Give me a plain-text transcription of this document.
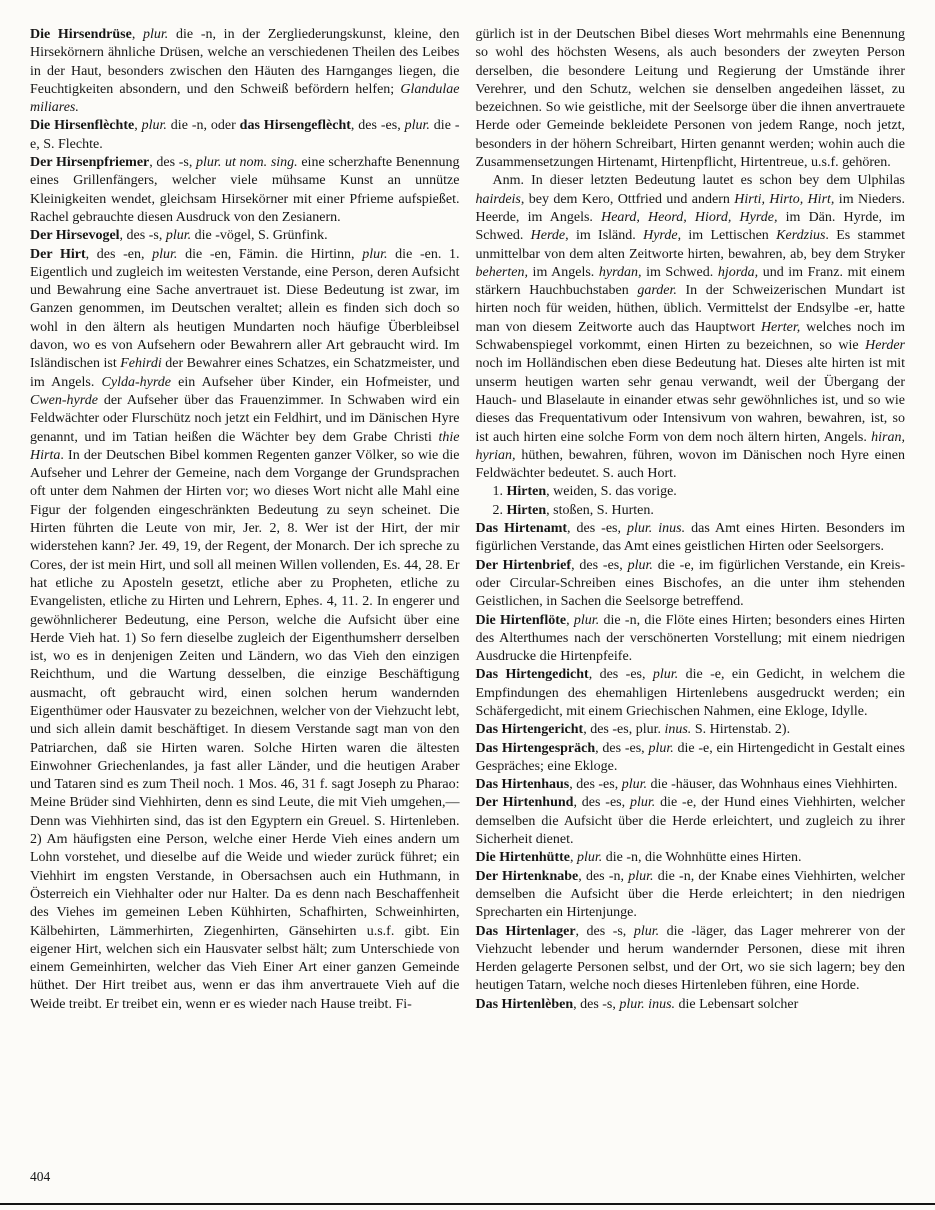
Die Hirsendrüse, plur. die -n, in der Zergliederungskunst, kleine, den Hirsekörnern ähnliche Drüsen, welche an verschiedenen Theilen des Leibes in der Haut, besonders zwischen den Häuten des Harnganges liegen, die Feuchtigkeiten absondern, und den Schweiß befördern helfen; Glandulae miliares.

Die Hirsenflèchte, plur. die -n, oder das Hirsengeflècht, des -es, plur. die -e, S. Flechte.

Der Hirsenpfriemer, des -s, plur. ut nom. sing. eine scherzhafte Benennung eines Grillenfängers, welcher viele mühsame Kunst an unnütze Kleinigkeiten wendet, gleichsam Hirsekörner mit einer Pfrieme aufspießet. Rachel gebrauchte diesen Ausdruck von den Zesianern.

Der Hirsevogel, des -s, plur. die -vögel, S. Grünfink.

Der Hirt, des -en, plur. die -en, Fämin. die Hirtinn, plur. die -en. 1. Eigentlich und zugleich im weitesten Verstande, eine Person, deren Aufsicht und Bewahrung eine Sache anvertrauet ist. Diese Bedeutung ist zwar, im Ganzen genommen, im Deutschen veraltet; allein es finden sich doch so wohl in den ältern als heutigen Mundarten noch häufige Überbleibsel davon, wo es von Aufsehern oder Bewahrern aller Art gebraucht wird. Im Isländischen ist Fehirdi der Bewahrer eines Schatzes, ein Schatzmeister, und im Angels. Cylda-hyrde ein Aufseher über Kinder, ein Hofmeister, und Cwen-hyrde der Aufseher über das Frauenzimmer. In Schwaben wird ein Feldwächter oder Flurschütz noch jetzt ein Feldhirt, und im Dänischen Hyre genannt, und im Tatian heißen die Wächter bey dem Grabe Christi thie Hirta. In der Deutschen Bibel kommen Regenten ganzer Völker, so wie die Aufseher und Lehrer der Gemeine, nach dem Vorgange der Grundsprachen oft unter dem Nahmen der Hirten vor; wo dieses Wort nicht alle Mahl eine Figur der folgenden eingeschränkten Bedeutung zu seyn scheinet. Die Hirten führten die Leute von mir, Jer. 2, 8. Wer ist der Hirt, der mir widerstehen kann? Jer. 49, 19, der Regent, der Monarch. Der ich spreche zu Cores, der ist mein Hirt, und soll all meinen Willen vollenden, Es. 44, 28. Er hat etliche zu Aposteln gesetzt, etliche aber zu Propheten, etliche zu Evangelisten, etliche zu Hirten und Lehrern, Ephes. 4, 11. 2. In engerer und gewöhnlicherer Bedeutung, eine Person, welche die Aufsicht über eine Herde Vieh hat. 1) So fern dieselbe zugleich der Eigenthumsherr derselben ist, wo es in denjenigen Zeiten und Ländern, wo das Vieh den einzigen Reichthum, und die Wartung desselben, die einzige Beschäftigung ausmacht, oft gebraucht wird, einen solchen herum wandernden Eigenthümer oder Hausvater zu bezeichnen, welcher von der Viehzucht lebt, und sich allein damit beschäftiget. In diesem Verstande sagt man von den Patriarchen, daß sie Hirten waren. Solche Hirten waren die ältesten Einwohner Griechenlandes, ja fast aller Länder, und die heutigen Araber und Tataren sind es zum Theil noch. 1 Mos. 46, 31 f. sagt Joseph zu Pharao: Meine Brüder sind Viehhirten, denn es sind Leute, die mit Vieh umgehen,— Denn was Viehhirten sind, das ist den Egyptern ein Greuel. S. Hirtenleben. 2) Am häufigsten eine Person, welche einer Herde Vieh eines andern um Lohn vorstehet, und dieselbe auf die Weide und wieder zurück führet; ein Viehhirt im engsten Verstande, in Obersachsen auch ein Huthmann, in Österreich ein Viehhalter oder nur Halter. Da es denn nach Beschaffenheit des Viehes im gemeinen Leben Kühhirten, Schafhirten, Schweinhirten, Kälbehirten, Lämmerhirten, Ziegenhirten, Gänsehirten u.s.f. gibt. Ein eigener Hirt, welchen sich ein Hausvater selbst hält; zum Unterschiede von einem Gemeinhirten, welcher das Vieh Einer Art einer ganzen Gemeinde hüthet. Der Hirt treibet aus, wenn er das ihm anvertrauete Vieh auf die Weide treibt. Er treibet ein, wenn er es wieder nach Hause treibt. Fi-

gürlich ist in der Deutschen Bibel dieses Wort mehrmahls eine Benennung so wohl des höchsten Wesens, als auch besonders der zweyten Person derselben, die besondere Leitung und Regierung der Umstände ihrer Verehrer, und den Schutz, welchen sie denselben angedeihen lässet, zu bezeichnen. So wie geistliche, mit der Seelsorge über die ihnen anvertrauete Herde oder Gemeinde bekleidete Personen von jedem Range, noch jetzt, besonders in der höhern Schreibart, Hirten genannt werden; wohin auch die Zusammensetzungen Hirtenamt, Hirtenpflicht, Hirtentreue, u.s.f. gehören.

Anm. In dieser letzten Bedeutung lautet es schon bey dem Ulphilas hairdeis, bey dem Kero, Ottfried und andern Hirti, Hirto, Hirt, im Nieders. Heerde, im Angels. Heard, Heord, Hiord, Hyrde, im Dän. Hyrde, im Schwed. Herde, im Isländ. Hyrde, im Lettischen Kerdzius. Es stammet unmittelbar von dem alten Zeitworte hirten, bewahren, ab, bey dem Stryker beherten, im Angels. hyrdan, im Schwed. hjorda, und im Franz. mit einem stärkern Hauchbuchstaben garder. In der Schweizerischen Mundart ist hirten noch für weiden, hüthen, üblich. Vermittelst der Endsylbe -er, hatte man von diesem Zeitworte auch das Hauptwort Herter, welches noch im Schwabenspiegel vorkommt, einen Hirten zu bezeichnen, so wie Herder noch im Holländischen eben diese Bedeutung hat. Dieses alte hirten ist mit unserm heutigen warten sehr genau verwandt, weil der Übergang der Hauch- und Blaselaute in einander etwas sehr gewöhnliches ist, und so wie dieses das Frequentativum oder Intensivum von wahren, bewahren, ist, so ist auch hirten eine solche Form von dem noch ältern hirten, Angels. hiran, hyrian, hüthen, bewahren, führen, wovon im Dänischen noch Hyre einen Feldwächter bedeutet. S. auch Hort.

1. Hirten, weiden, S. das vorige.

2. Hirten, stoßen, S. Hurten.

Das Hirtenamt, des -es, plur. inus. das Amt eines Hirten. Besonders im figürlichen Verstande, das Amt eines geistlichen Hirten oder Seelsorgers.

Der Hirtenbrief, des -es, plur. die -e, im figürlichen Verstande, ein Kreis- oder Circular-Schreiben eines Bischofes, an die unter ihm stehenden Geistlichen, in Sachen die Seelsorge betreffend.

Die Hirtenflöte, plur. die -n, die Flöte eines Hirten; besonders eines Hirten des Alterthumes nach der verschönerten Vorstellung; mit einem niedrigen Ausdrucke die Hirtenpfeife.

Das Hirtengedicht, des -es, plur. die -e, ein Gedicht, in welchem die Empfindungen des ehemahligen Hirtenlebens ausgedruckt werden; ein Schäfergedicht, mit einem Griechischen Nahmen, eine Ekloge, Idylle.

Das Hirtengericht, des -es, plur. inus. S. Hirtenstab. 2).

Das Hirtengespräch, des -es, plur. die -e, ein Hirtengedicht in Gestalt eines Gespräches; eine Ekloge.

Das Hirtenhaus, des -es, plur. die -häuser, das Wohnhaus eines Viehhirten.

Der Hirtenhund, des -es, plur. die -e, der Hund eines Viehhirten, welcher demselben die Aufsicht über die Herde erleichtert, und zugleich zu ihrer Sicherheit dienet.

Die Hirtenhütte, plur. die -n, die Wohnhütte eines Hirten.

Der Hirtenknabe, des -n, plur. die -n, der Knabe eines Viehhirten, welcher demselben die Aufsicht über die Herde erleichtert; in den niedrigen Sprecharten ein Hirtenjunge.

Das Hirtenlager, des -s, plur. die -läger, das Lager mehrerer von der Viehzucht lebender und herum wandernder Personen, diese mit ihren Herden gelagerte Personen selbst, und der Ort, wo sie sich lagern; bey den heutigen Tatarn, welche noch dieses Hirtenleben führen, eine Horde.

Das Hirtenlèben, des -s, plur. inus. die Lebensart solcher

404
